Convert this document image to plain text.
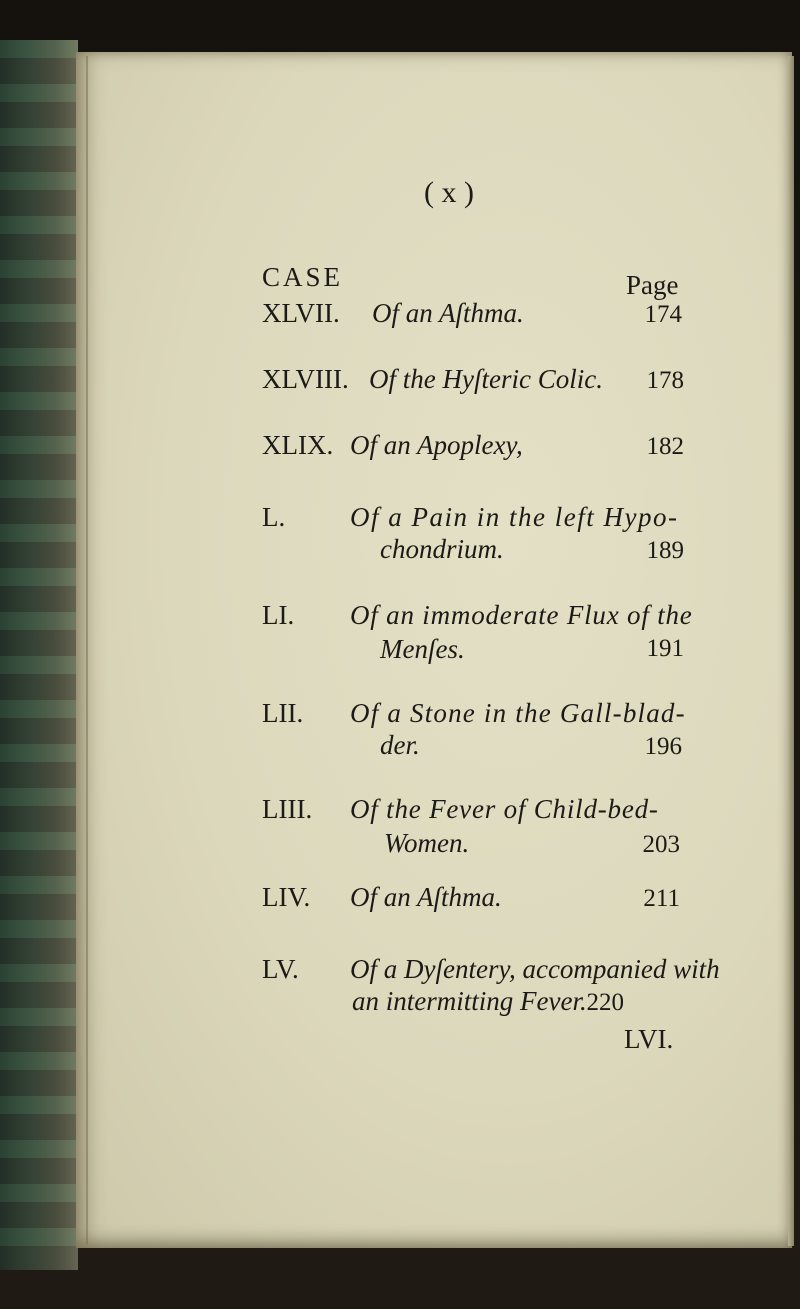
( x )
CASE	Page
XLVII. Of an Aſthma.	174
XLVIII. Of the Hyſteric Colic.	178
XLIX. Of an Apoplexy,	182
L. Of a Pain in the left Hypo-
chondrium.	189
LI. Of an immoderate Flux of the
Menſes.	191
LII. Of a Stone in the Gall-blad-
der.	196
LIII. Of the Fever of Child-bed-
Women.	203
LIV. Of an Aſthma.	211
LV. Of a Dyſentery, accompanied with
an intermitting Fever. 220
LVI.
